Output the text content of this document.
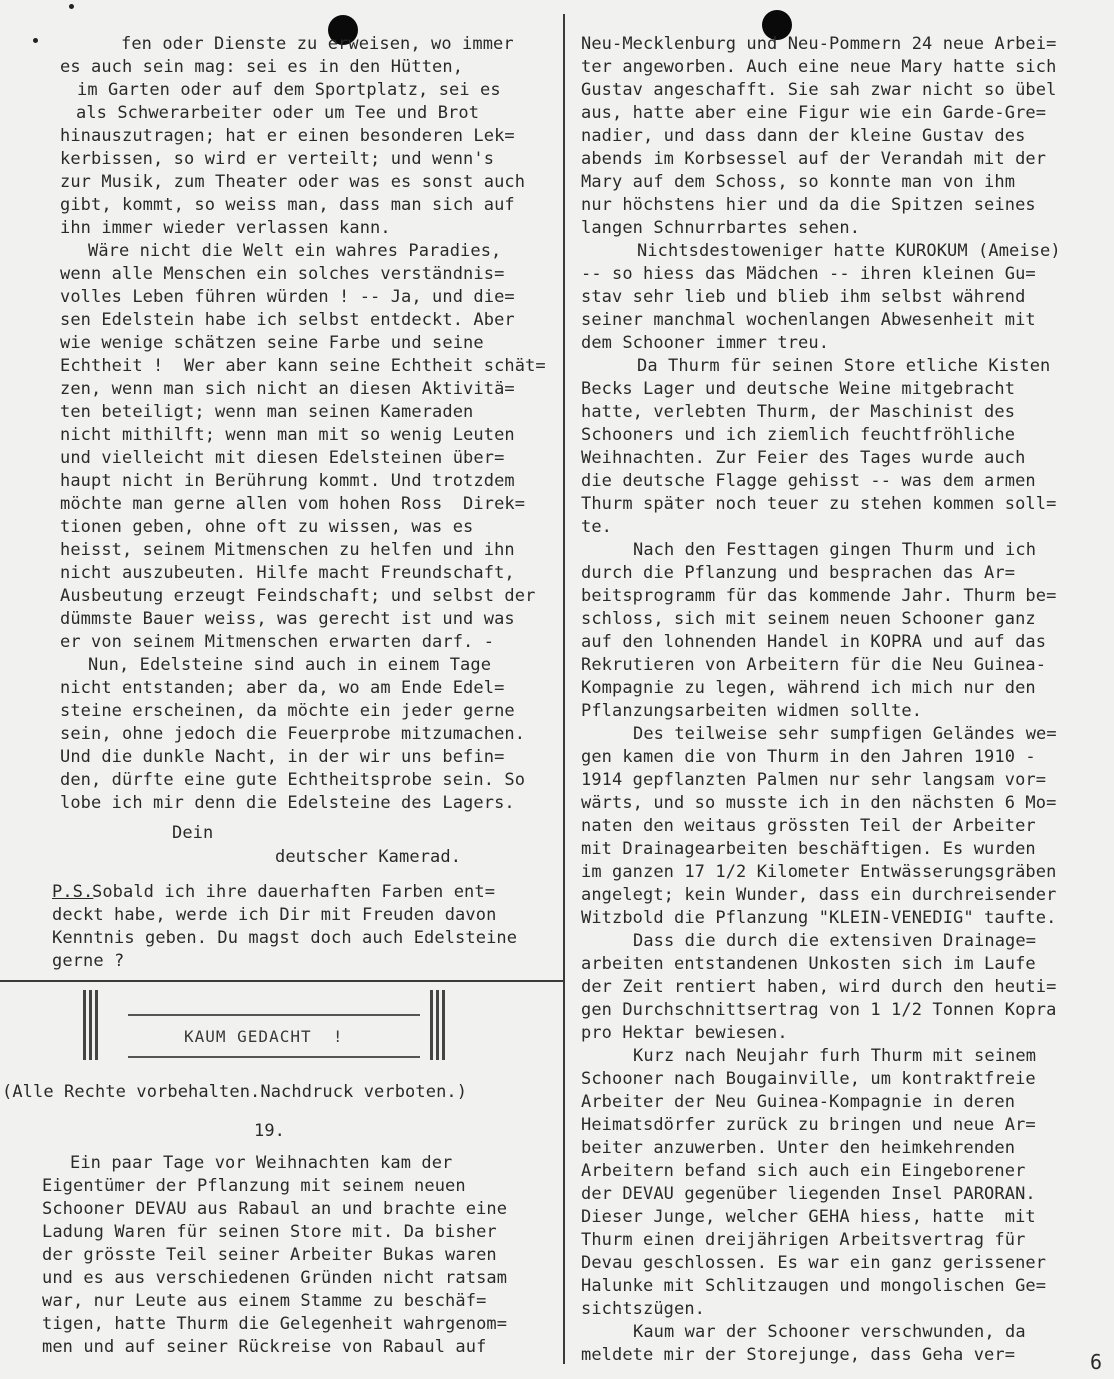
fen oder Dienste zu erweisen, wo immer
es auch sein mag: sei es in den Hütten,
im Garten oder auf dem Sportplatz, sei es
als Schwerarbeiter oder um Tee und Brot
hinauszutragen; hat er einen besonderen Lek=
kerbissen, so wird er verteilt; und wenn's
zur Musik, zum Theater oder was es sonst auch
gibt, kommt, so weiss man, dass man sich auf
ihn immer wieder verlassen kann.
Wäre nicht die Welt ein wahres Paradies,
wenn alle Menschen ein solches verständnis=
volles Leben führen würden ! -- Ja, und die=
sen Edelstein habe ich selbst entdeckt. Aber
wie wenige schätzen seine Farbe und seine
Echtheit !  Wer aber kann seine Echtheit schät=
zen, wenn man sich nicht an diesen Aktivitä=
ten beteiligt; wenn man seinen Kameraden
nicht mithilft; wenn man mit so wenig Leuten
und vielleicht mit diesen Edelsteinen über=
haupt nicht in Berührung kommt. Und trotzdem
möchte man gerne allen vom hohen Ross  Direk=
tionen geben, ohne oft zu wissen, was es
heisst, seinem Mitmenschen zu helfen und ihn
nicht auszubeuten. Hilfe macht Freundschaft,
Ausbeutung erzeugt Feindschaft; und selbst der
dümmste Bauer weiss, was gerecht ist und was
er von seinem Mitmenschen erwarten darf. -
Nun, Edelsteine sind auch in einem Tage
nicht entstanden; aber da, wo am Ende Edel=
steine erscheinen, da möchte ein jeder gerne
sein, ohne jedoch die Feuerprobe mitzumachen.
Und die dunkle Nacht, in der wir uns befin=
den, dürfte eine gute Echtheitsprobe sein. So
lobe ich mir denn die Edelsteine des Lagers.
Dein
deutscher Kamerad.
P.S.
Sobald ich ihre dauerhaften Farben ent=
deckt habe, werde ich Dir mit Freuden davon
Kenntnis geben. Du magst doch auch Edelsteine
gerne ?
KAUM GEDACHT  !
(Alle Rechte vorbehalten.Nachdruck verboten.)
19.
Ein paar Tage vor Weihnachten kam der
Eigentümer der Pflanzung mit seinem neuen
Schooner DEVAU aus Rabaul an und brachte eine
Ladung Waren für seinen Store mit. Da bisher
der grösste Teil seiner Arbeiter Bukas waren
und es aus verschiedenen Gründen nicht ratsam
war, nur Leute aus einem Stamme zu beschäf=
tigen, hatte Thurm die Gelegenheit wahrgenom=
men und auf seiner Rückreise von Rabaul auf
Neu-Mecklenburg und Neu-Pommern 24 neue Arbei=
ter angeworben. Auch eine neue Mary hatte sich
Gustav angeschafft. Sie sah zwar nicht so übel
aus, hatte aber eine Figur wie ein Garde-Gre=
nadier, und dass dann der kleine Gustav des
abends im Korbsessel auf der Verandah mit der
Mary auf dem Schoss, so konnte man von ihm
nur höchstens hier und da die Spitzen seines
langen Schnurrbartes sehen.
Nichtsdestoweniger hatte KUROKUM (Ameise)
-- so hiess das Mädchen -- ihren kleinen Gu=
stav sehr lieb und blieb ihm selbst während
seiner manchmal wochenlangen Abwesenheit mit
dem Schooner immer treu.
Da Thurm für seinen Store etliche Kisten
Becks Lager und deutsche Weine mitgebracht
hatte, verlebten Thurm, der Maschinist des
Schooners und ich ziemlich feuchtfröhliche
Weihnachten. Zur Feier des Tages wurde auch
die deutsche Flagge gehisst -- was dem armen
Thurm später noch teuer zu stehen kommen soll=
te.
Nach den Festtagen gingen Thurm und ich
durch die Pflanzung und besprachen das Ar=
beitsprogramm für das kommende Jahr. Thurm be=
schloss, sich mit seinem neuen Schooner ganz
auf den lohnenden Handel in KOPRA und auf das
Rekrutieren von Arbeitern für die Neu Guinea-
Kompagnie zu legen, während ich mich nur den
Pflanzungsarbeiten widmen sollte.
Des teilweise sehr sumpfigen Geländes we=
gen kamen die von Thurm in den Jahren 1910 -
1914 gepflanzten Palmen nur sehr langsam vor=
wärts, und so musste ich in den nächsten 6 Mo=
naten den weitaus grössten Teil der Arbeiter
mit Drainagearbeiten beschäftigen. Es wurden
im ganzen 17 1/2 Kilometer Entwässerungsgräben
angelegt; kein Wunder, dass ein durchreisender
Witzbold die Pflanzung "KLEIN-VENEDIG" taufte.
Dass die durch die extensiven Drainage=
arbeiten entstandenen Unkosten sich im Laufe
der Zeit rentiert haben, wird durch den heuti=
gen Durchschnittsertrag von 1 1/2 Tonnen Kopra
pro Hektar bewiesen.
Kurz nach Neujahr furh Thurm mit seinem
Schooner nach Bougainville, um kontraktfreie
Arbeiter der Neu Guinea-Kompagnie in deren
Heimatsdörfer zurück zu bringen und neue Ar=
beiter anzuwerben. Unter den heimkehrenden
Arbeitern befand sich auch ein Eingeborener
der DEVAU gegenüber liegenden Insel PARORAN.
Dieser Junge, welcher GEHA hiess, hatte  mit
Thurm einen dreijährigen Arbeitsvertrag für
Devau geschlossen. Es war ein ganz gerissener
Halunke mit Schlitzaugen und mongolischen Ge=
sichtszügen.
Kaum war der Schooner verschwunden, da
meldete mir der Storejunge, dass Geha ver=	6
